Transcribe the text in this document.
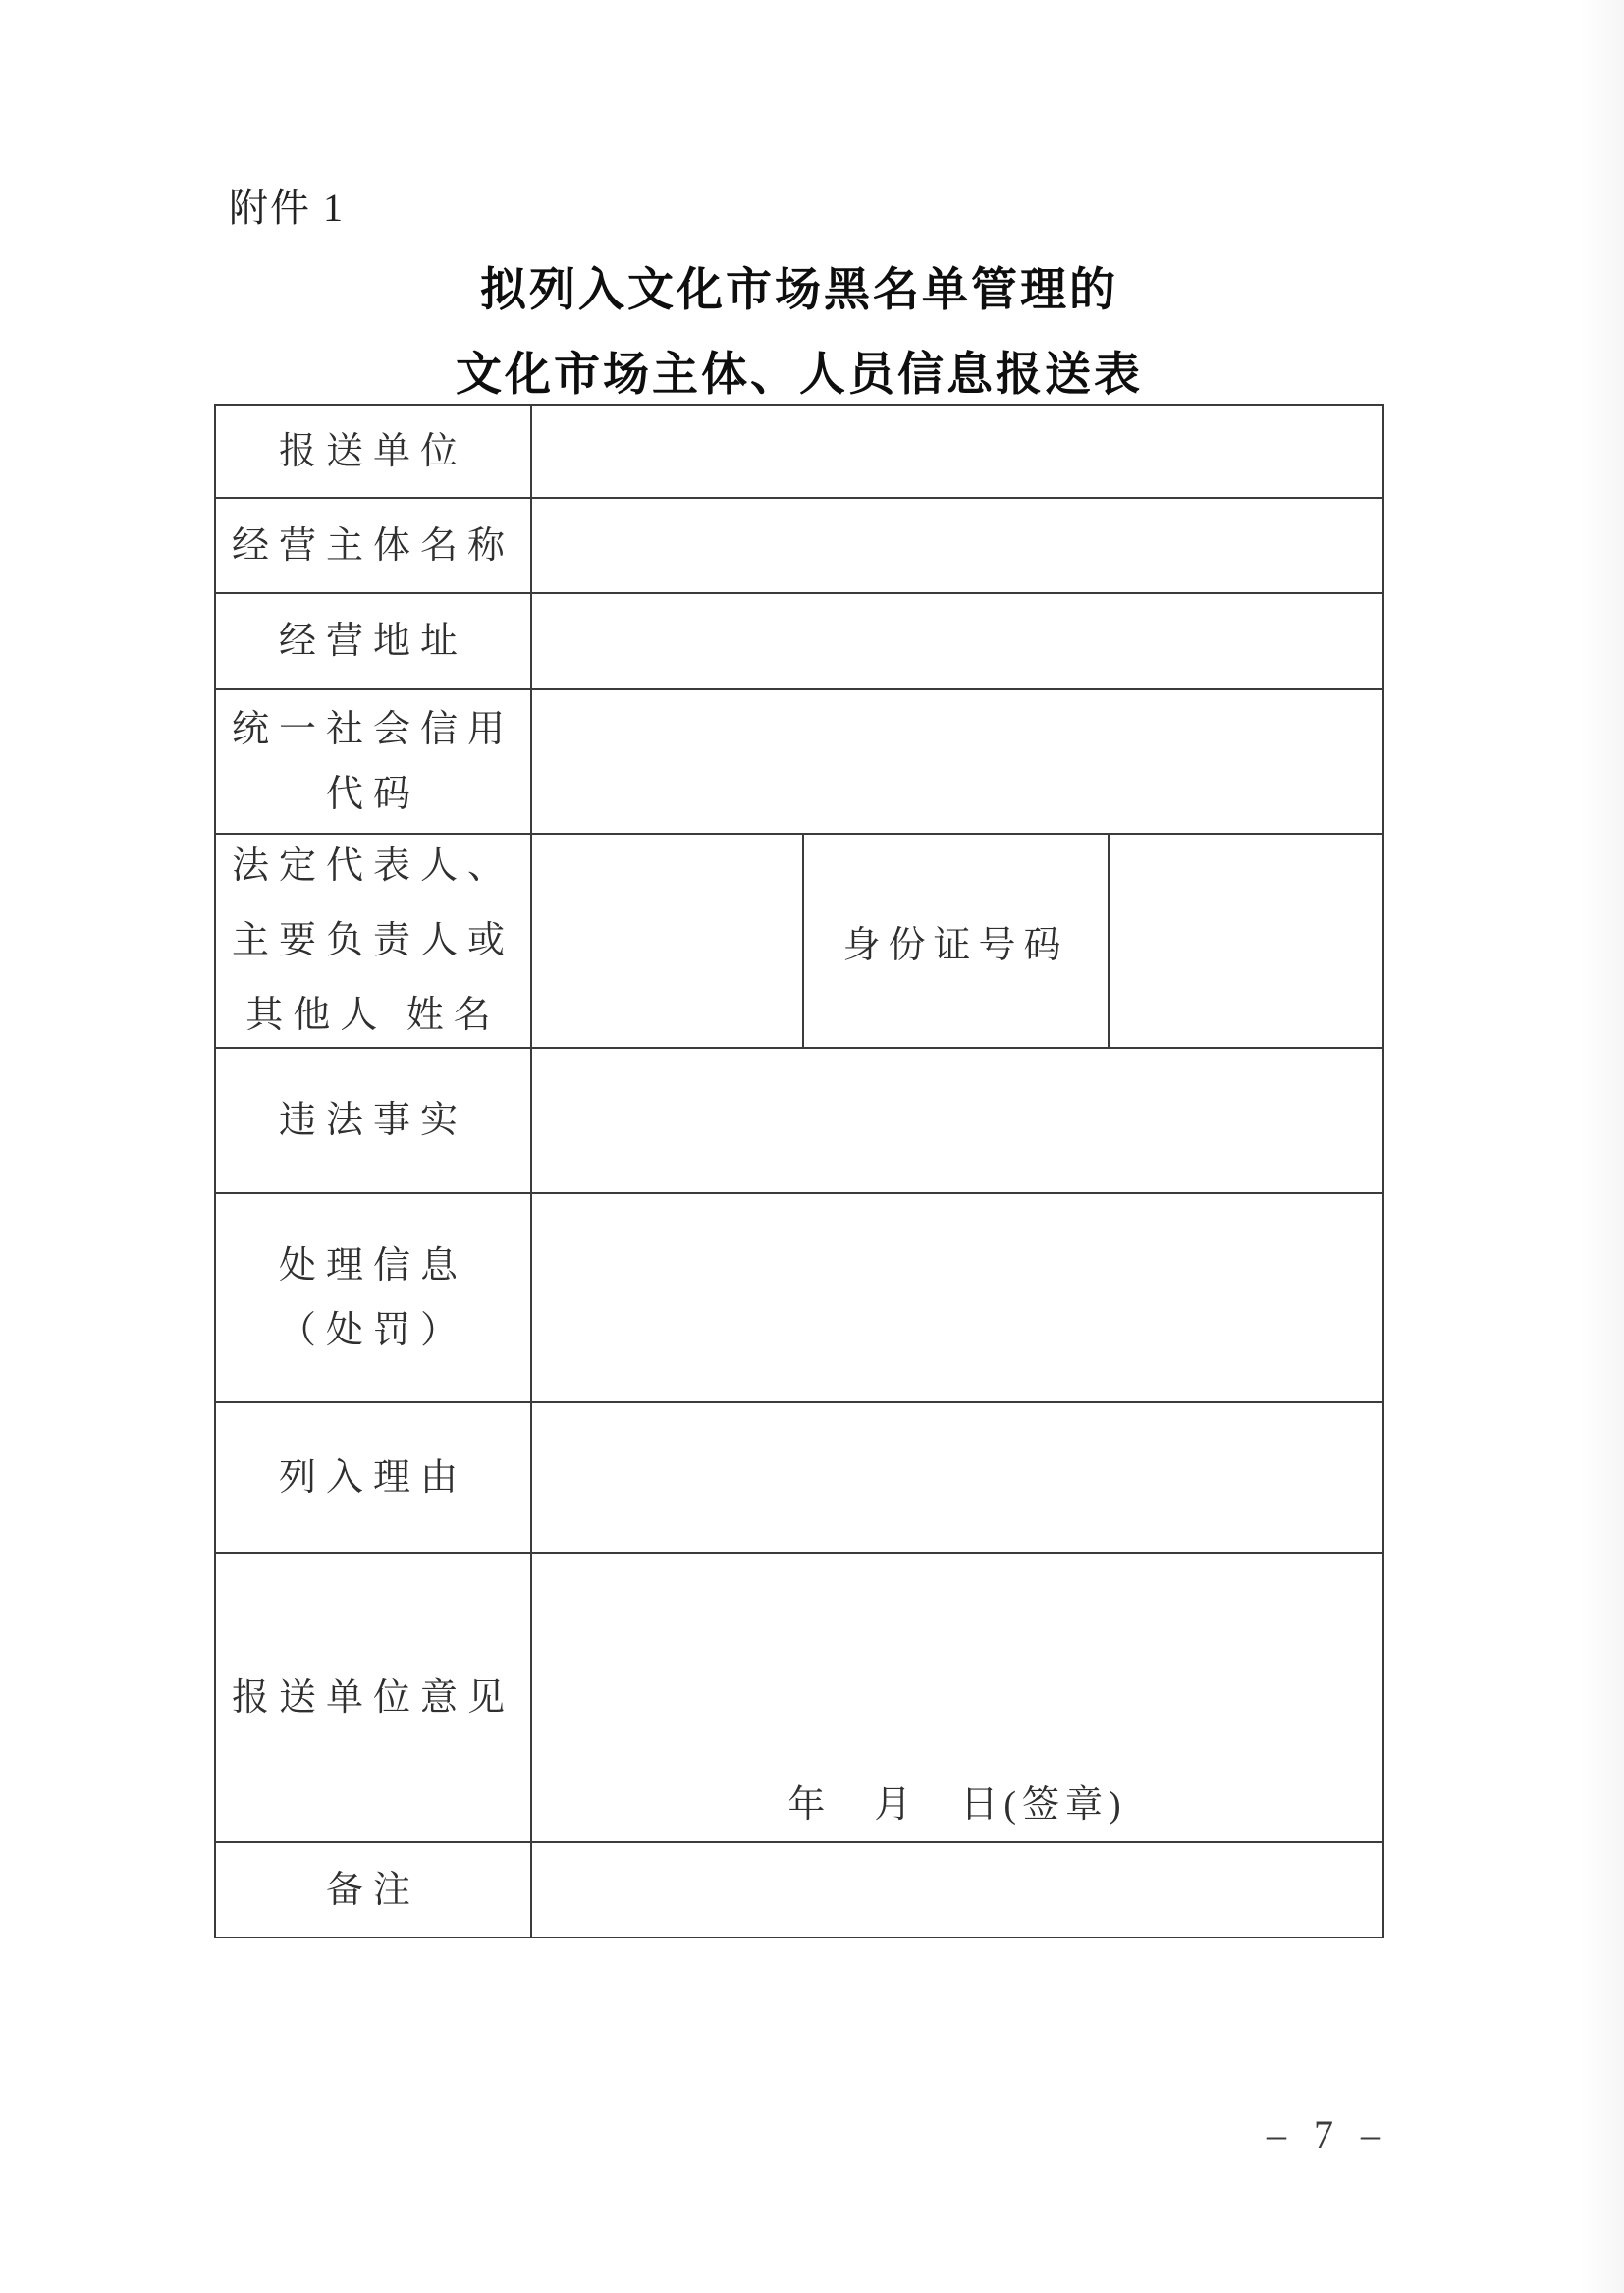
附件 1
拟列入文化市场黑名单管理的
文化市场主体、人员信息报送表
报送单位
经营主体名称
经营地址
统一社会信用
代码
法定代表人、
主要负责人或
其他人 姓名
身份证号码
违法事实
处理信息
（处罚）
列入理由
报送单位意见
年　月　日(签章)
备注
– 7 –
